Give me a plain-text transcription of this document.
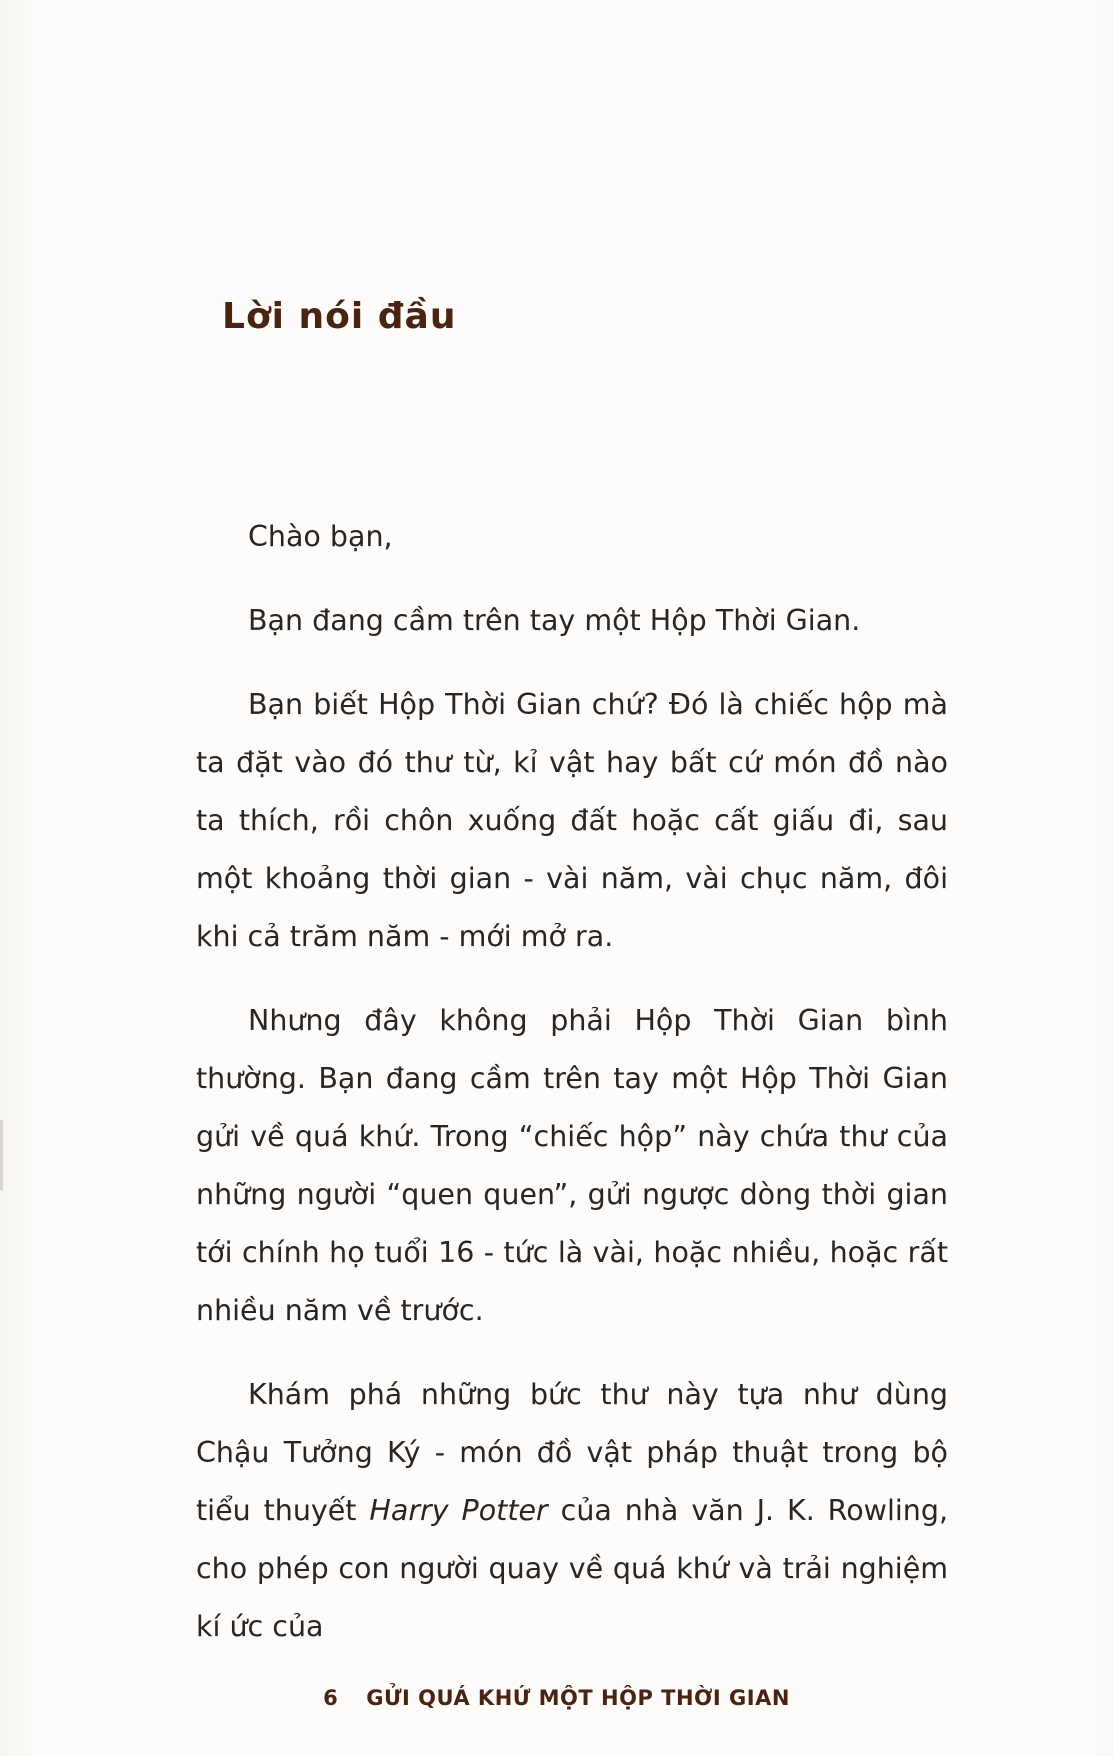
Lời nói đầu

Chào bạn,

Bạn đang cầm trên tay một Hộp Thời Gian.

Bạn biết Hộp Thời Gian chứ? Đó là chiếc hộp mà ta đặt vào đó thư từ, kỉ vật hay bất cứ món đồ nào ta thích, rồi chôn xuống đất hoặc cất giấu đi, sau một khoảng thời gian - vài năm, vài chục năm, đôi khi cả trăm năm - mới mở ra.

Nhưng đây không phải Hộp Thời Gian bình thường. Bạn đang cầm trên tay một Hộp Thời Gian gửi về quá khứ. Trong “chiếc hộp” này chứa thư của những người “quen quen”, gửi ngược dòng thời gian tới chính họ tuổi 16 - tức là vài, hoặc nhiều, hoặc rất nhiều năm về trước.

Khám phá những bức thư này tựa như dùng Chậu Tưởng Ký - món đồ vật pháp thuật trong bộ tiểu thuyết Harry Potter của nhà văn J. K. Rowling, cho phép con người quay về quá khứ và trải nghiệm kí ức của

6 GỬI QUÁ KHỨ MỘT HỘP THỜI GIAN
